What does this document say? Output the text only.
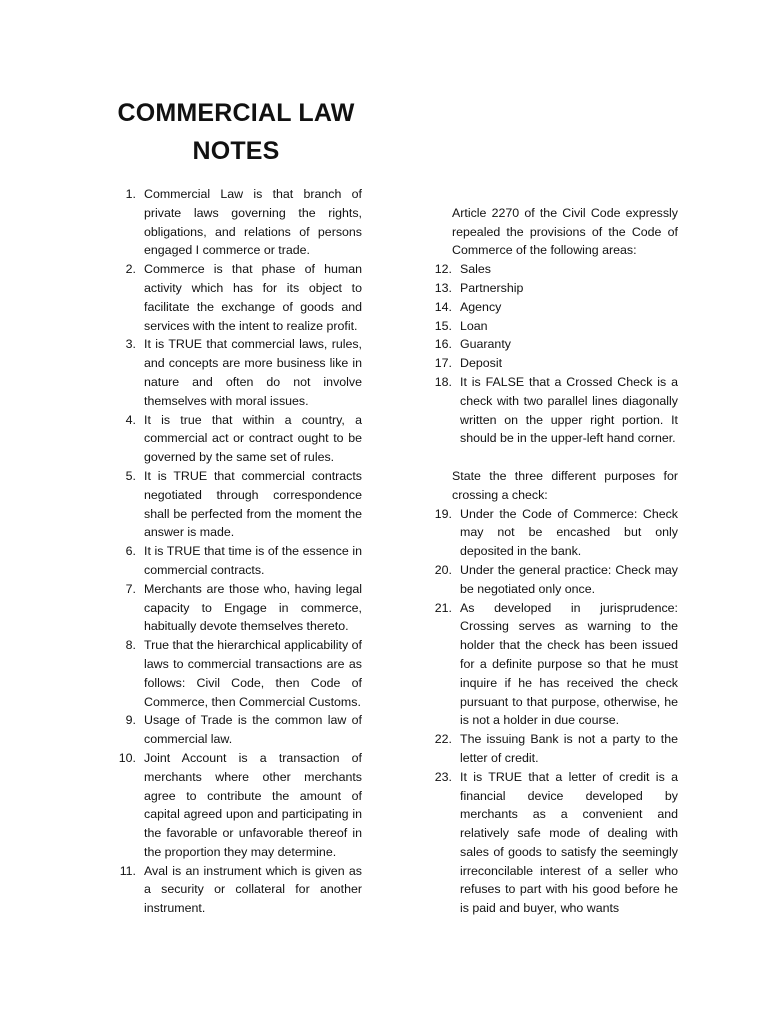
COMMERCIAL LAW NOTES
1. Commercial Law is that branch of private laws governing the rights, obligations, and relations of persons engaged I commerce or trade.
2. Commerce is that phase of human activity which has for its object to facilitate the exchange of goods and services with the intent to realize profit.
3. It is TRUE that commercial laws, rules, and concepts are more business like in nature and often do not involve themselves with moral issues.
4. It is true that within a country, a commercial act or contract ought to be governed by the same set of rules.
5. It is TRUE that commercial contracts negotiated through correspondence shall be perfected from the moment the answer is made.
6. It is TRUE that time is of the essence in commercial contracts.
7. Merchants are those who, having legal capacity to Engage in commerce, habitually devote themselves thereto.
8. True that the hierarchical applicability of laws to commercial transactions are as follows: Civil Code, then Code of Commerce, then Commercial Customs.
9. Usage of Trade is the common law of commercial law.
10. Joint Account is a transaction of merchants where other merchants agree to contribute the amount of capital agreed upon and participating in the favorable or unfavorable thereof in the proportion they may determine.
11. Aval is an instrument which is given as a security or collateral for another instrument.
Article 2270 of the Civil Code expressly repealed the provisions of the Code of Commerce of the following areas:
12. Sales
13. Partnership
14. Agency
15. Loan
16. Guaranty
17. Deposit
18. It is FALSE that a Crossed Check is a check with two parallel lines diagonally written on the upper right portion. It should be in the upper-left hand corner.
State the three different purposes for crossing a check:
19. Under the Code of Commerce: Check may not be encashed but only deposited in the bank.
20. Under the general practice: Check may be negotiated only once.
21. As developed in jurisprudence: Crossing serves as warning to the holder that the check has been issued for a definite purpose so that he must inquire if he has received the check pursuant to that purpose, otherwise, he is not a holder in due course.
22. The issuing Bank is not a party to the letter of credit.
23. It is TRUE that a letter of credit is a financial device developed by merchants as a convenient and relatively safe mode of dealing with sales of goods to satisfy the seemingly irreconcilable interest of a seller who refuses to part with his good before he is paid and buyer, who wants
